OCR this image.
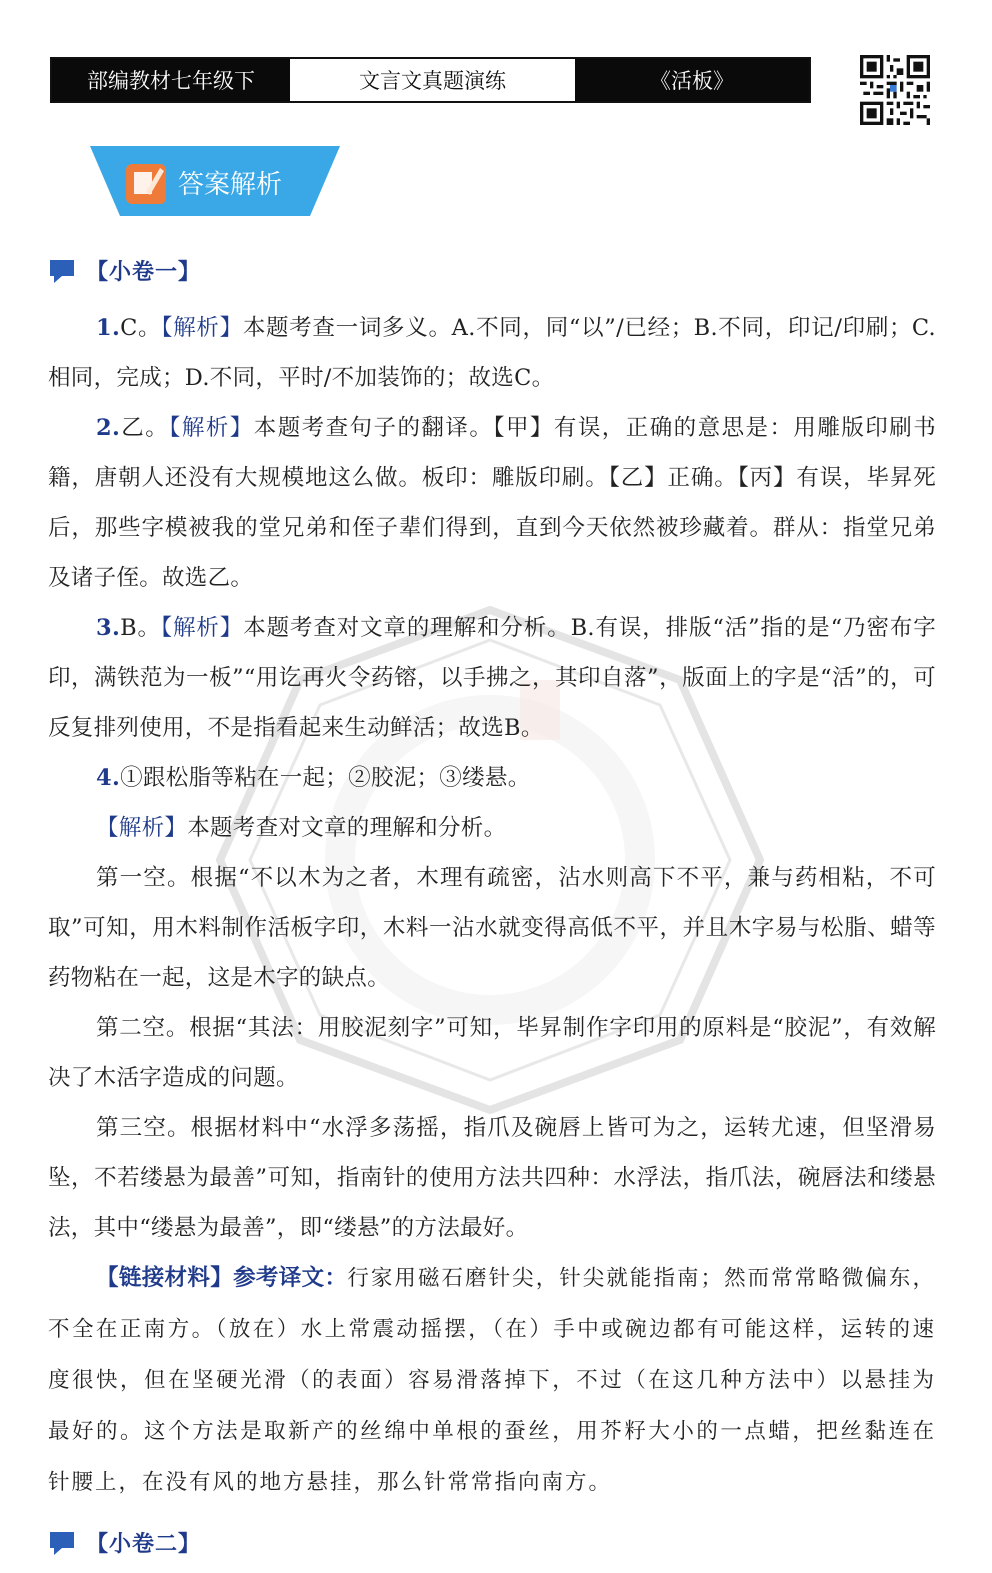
部编教材七年级下	文言文真题演练	《活板》
答案解析
【小卷一】

1.C。【解析】本题考查一词多义。A.不同，同“以”/已经；B.不同，印记/印刷；C.相同，完成；D.不同，平时/不加装饰的；故选C。

2.乙。【解析】本题考查句子的翻译。【甲】有误，正确的意思是：用雕版印刷书籍，唐朝人还没有大规模地这么做。板印：雕版印刷。【乙】正确。【丙】有误，毕昇死后，那些字模被我的堂兄弟和侄子辈们得到，直到今天依然被珍藏着。群从：指堂兄弟及诸子侄。故选乙。

3.B。【解析】本题考查对文章的理解和分析。B.有误，排版“活”指的是“乃密布字印，满铁范为一板”“用讫再火令药镕，以手拂之，其印自落”，版面上的字是“活”的，可反复排列使用，不是指看起来生动鲜活；故选B。

4.①跟松脂等粘在一起；②胶泥；③缕悬。

【解析】本题考查对文章的理解和分析。

第一空。根据“不以木为之者，木理有疏密，沾水则高下不平，兼与药相粘，不可取”可知，用木料制作活板字印，木料一沾水就变得高低不平，并且木字易与松脂、蜡等药物粘在一起，这是木字的缺点。

第二空。根据“其法：用胶泥刻字”可知，毕昇制作字印用的原料是“胶泥”，有效解决了木活字造成的问题。

第三空。根据材料中“水浮多荡摇，指爪及碗唇上皆可为之，运转尤速，但坚滑易坠，不若缕悬为最善”可知，指南针的使用方法共四种：水浮法，指爪法，碗唇法和缕悬法，其中“缕悬为最善”，即“缕悬”的方法最好。

【链接材料】参考译文：行家用磁石磨针尖，针尖就能指南；然而常常略微偏东，不全在正南方。（放在）水上常震动摇摆，（在）手中或碗边都有可能这样，运转的速度很快，但在坚硬光滑（的表面）容易滑落掉下，不过（在这几种方法中）以悬挂为最好的。这个方法是取新产的丝绵中单根的蚕丝，用芥籽大小的一点蜡，把丝黏连在针腰上，在没有风的地方悬挂，那么针常常指向南方。

【小卷二】
